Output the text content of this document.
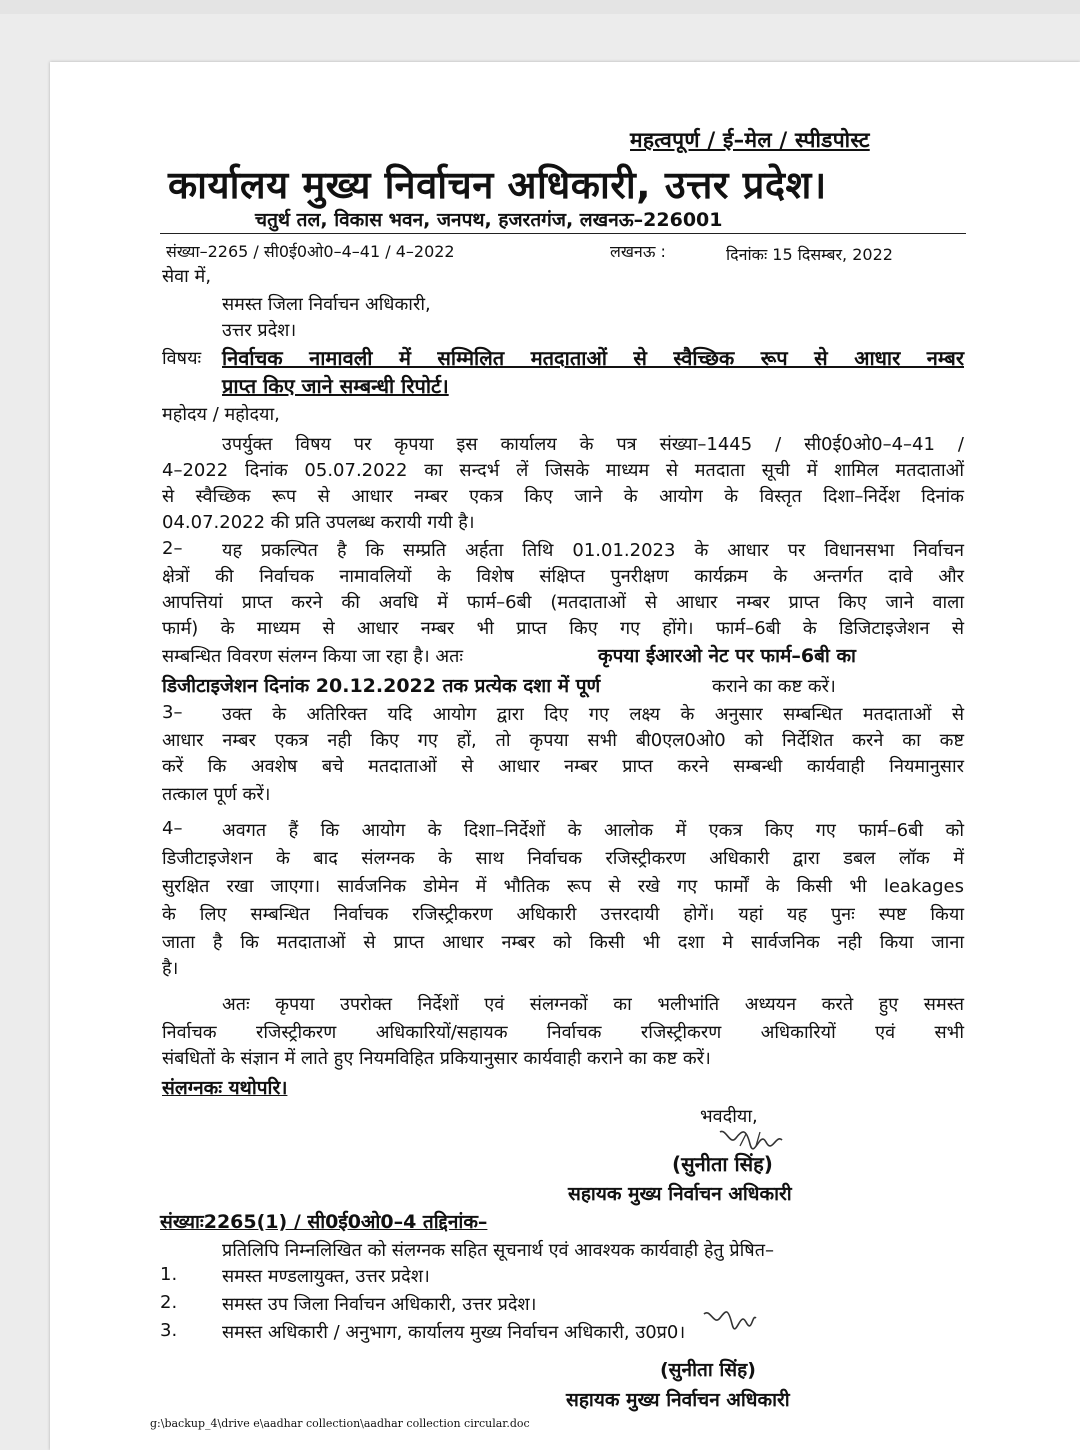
महत्वपूर्ण / ई–मेल / स्पीडपोस्ट
कार्यालय मुख्य निर्वाचन अधिकारी, उत्तर प्रदेश।
चतुर्थ तल, विकास भवन, जनपथ, हजरतगंज, लखनऊ–226001
संख्या–2265 / सी0ई0ओ0–4–41 / 4–2022	लखनऊ :	दिनांकः 15 दिसम्बर, 2022
सेवा में,
समस्त जिला निर्वाचन अधिकारी,
उत्तर प्रदेश।
विषयः निर्वाचक नामावली में सम्मिलित मतदाताओं से स्वैच्छिक रूप से आधार नम्बर
प्राप्त किए जाने सम्बन्धी रिपोर्ट।
महोदय / महोदया,
उपर्युक्त विषय पर कृपया इस कार्यालय के पत्र संख्या–1445 / सी0ई0ओ0–4–41 /
4–2022 दिनांक 05.07.2022 का सन्दर्भ लें जिसके माध्यम से मतदाता सूची में शामिल मतदाताओं
से स्वैच्छिक रूप से आधार नम्बर एकत्र किए जाने के आयोग के विस्तृत दिशा–निर्देश दिनांक
04.07.2022 की प्रति उपलब्ध करायी गयी है।
2– यह प्रकल्पित है कि सम्प्रति अर्हता तिथि 01.01.2023 के आधार पर विधानसभा निर्वाचन
क्षेत्रों की निर्वाचक नामावलियों के विशेष संक्षिप्त पुनरीक्षण कार्यक्रम के अन्तर्गत दावे और
आपत्तियां प्राप्त करने की अवधि में फार्म–6बी (मतदाताओं से आधार नम्बर प्राप्त किए जाने वाला
फार्म) के माध्यम से आधार नम्बर भी प्राप्त किए गए होंगे। फार्म–6बी के डिजिटाइजेशन से
सम्बन्धित विवरण संलग्न किया जा रहा है। अतः	कृपया ईआरओ नेट पर फार्म–6बी का
डिजीटाइजेशन दिनांक 20.12.2022 तक प्रत्येक दशा में पूर्ण	कराने का कष्ट करें।
3– उक्त के अतिरिक्त यदि आयोग द्वारा दिए गए लक्ष्य के अनुसार सम्बन्धित मतदाताओं से
आधार नम्बर एकत्र नही किए गए हों, तो कृपया सभी बी0एल0ओ0 को निर्देशित करने का कष्ट
करें कि अवशेष बचे मतदाताओं से आधार नम्बर प्राप्त करने सम्बन्धी कार्यवाही नियमानुसार
तत्काल पूर्ण करें।
4– अवगत हैं कि आयोग के दिशा–निर्देशों के आलोक में एकत्र किए गए फार्म–6बी को
डिजीटाइजेशन के बाद संलग्नक के साथ निर्वाचक रजिस्ट्रीकरण अधिकारी द्वारा डबल लॉक में
सुरक्षित रखा जाएगा। सार्वजनिक डोमेन में भौतिक रूप से रखे गए फार्मों के किसी भी leakages
के लिए सम्बन्धित निर्वाचक रजिस्ट्रीकरण अधिकारी उत्तरदायी होगें। यहां यह पुनः स्पष्ट किया
जाता है कि मतदाताओं से प्राप्त आधार नम्बर को किसी भी दशा मे सार्वजनिक नही किया जाना
है।
अतः कृपया उपरोक्त निर्देशों एवं संलग्नकों का भलीभांति अध्ययन करते हुए समस्त
निर्वाचक रजिस्ट्रीकरण अधिकारियों/सहायक निर्वाचक रजिस्ट्रीकरण अधिकारियों एवं सभी
संबधितों के संज्ञान में लाते हुए नियमविहित प्रकियानुसार कार्यवाही कराने का कष्ट करें।
संलग्नकः यथोपरि।
भवदीया,
(सुनीता सिंह)
सहायक मुख्य निर्वाचन अधिकारी
संख्याः2265(1) / सी0ई0ओ0–4 तद्दिनांक–
प्रतिलिपि निम्नलिखित को संलग्नक सहित सूचनार्थ एवं आवश्यक कार्यवाही हेतु प्रेषित–
1. समस्त मण्डलायुक्त, उत्तर प्रदेश।
2. समस्त उप जिला निर्वाचन अधिकारी, उत्तर प्रदेश।
3. समस्त अधिकारी / अनुभाग, कार्यालय मुख्य निर्वाचन अधिकारी, उ0प्र0।
(सुनीता सिंह)
सहायक मुख्य निर्वाचन अधिकारी
g:\backup_4\drive e\aadhar collection\aadhar collection circular.doc
